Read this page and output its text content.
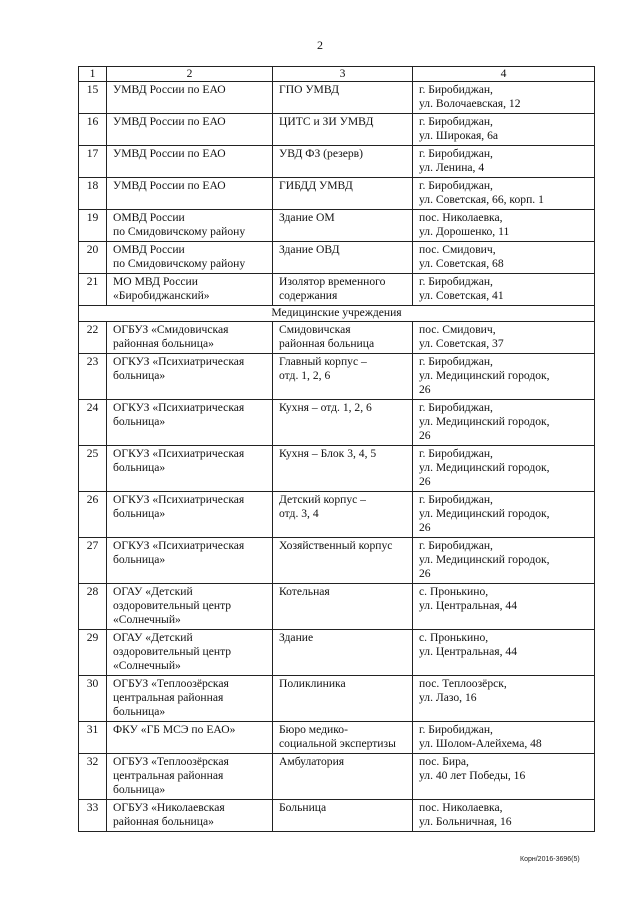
2
1	2	3	4
15	УМВД России по ЕАО	ГПО УМВД	г. Биробиджан,
ул. Волочаевская, 12
16	УМВД России по ЕАО	ЦИТС и ЗИ УМВД	г. Биробиджан,
ул. Широкая, 6а
17	УМВД России по ЕАО	УВД ФЗ (резерв)	г. Биробиджан,
ул. Ленина, 4
18	УМВД России по ЕАО	ГИБДД УМВД	г. Биробиджан,
ул. Советская, 66, корп. 1
19	ОМВД России
по Смидовичскому району	Здание ОМ	пос. Николаевка,
ул. Дорошенко, 11
20	ОМВД России
по Смидовичскому району	Здание ОВД	пос. Смидович,
ул. Советская, 68
21	МО МВД России
«Биробиджанский»	Изолятор временного
содержания	г. Биробиджан,
ул. Советская, 41
Медицинские учреждения			
22	ОГБУЗ «Смидовичская
районная больница»	Смидовичская
районная больница	пос. Смидович,
ул. Советская, 37
23	ОГКУЗ «Психиатрическая
больница»	Главный корпус –
отд. 1, 2, 6	г. Биробиджан,
ул. Медицинский городок,
26
24	ОГКУЗ «Психиатрическая
больница»	Кухня – отд. 1, 2, 6	г. Биробиджан,
ул. Медицинский городок,
26
25	ОГКУЗ «Психиатрическая
больница»	Кухня – Блок 3, 4, 5	г. Биробиджан,
ул. Медицинский городок,
26
26	ОГКУЗ «Психиатрическая
больница»	Детский корпус –
отд. 3, 4	г. Биробиджан,
ул. Медицинский городок,
26
27	ОГКУЗ «Психиатрическая
больница»	Хозяйственный корпус	г. Биробиджан,
ул. Медицинский городок,
26
28	ОГАУ «Детский
оздоровительный центр
«Солнечный»	Котельная	с. Пронькино,
ул. Центральная, 44
29	ОГАУ «Детский
оздоровительный центр
«Солнечный»	Здание	с. Пронькино,
ул. Центральная, 44
30	ОГБУЗ «Теплоозёрская
центральная районная
больница»	Поликлиника	пос. Теплоозёрск,
ул. Лазо, 16
31	ФКУ «ГБ МСЭ по ЕАО»	Бюро медико-
социальной экспертизы	г. Биробиджан,
ул. Шолом-Алейхема, 48
32	ОГБУЗ «Теплоозёрская
центральная районная
больница»	Амбулатория	пос. Бира,
ул. 40 лет Победы, 16
33	ОГБУЗ «Николаевская
районная больница»	Больница	пос. Николаевка,
ул. Больничная, 16
Корн/2016-3696(5)
